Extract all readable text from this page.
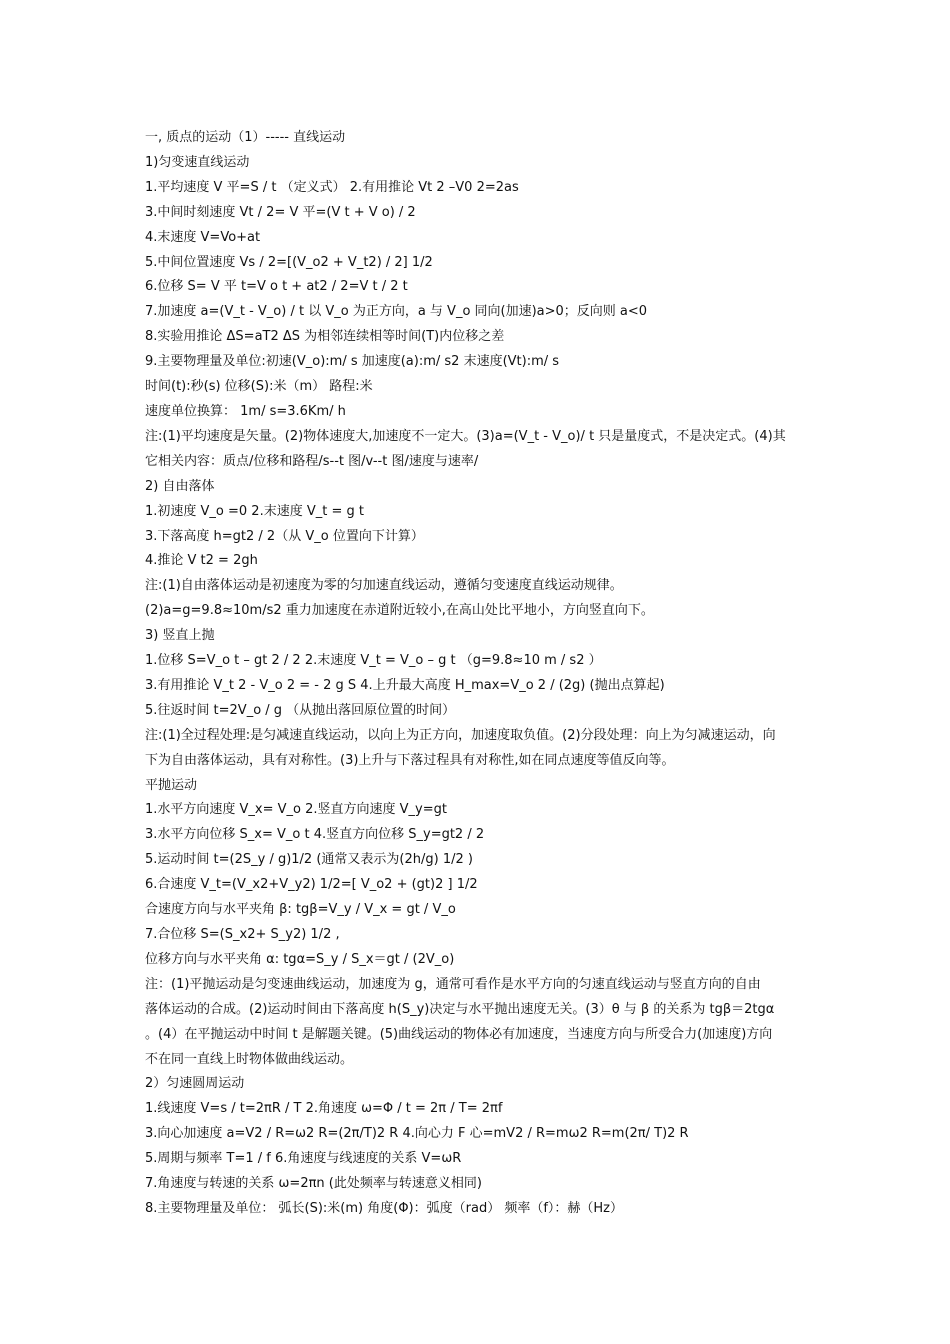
一, 质点的运动（1）----- 直线运动
1)匀变速直线运动
1.平均速度 V 平=S / t （定义式） 2.有用推论 Vt 2 –V0 2=2as
3.中间时刻速度 Vt / 2= V 平=(V t + V o) / 2
4.末速度 V=Vo+at
5.中间位置速度 Vs / 2=[(V_o2 + V_t2) / 2] 1/2
6.位移 S= V 平 t=V o t + at2 / 2=V t / 2 t
7.加速度 a=(V_t - V_o) / t 以 V_o 为正方向，a 与 V_o 同向(加速)a>0；反向则 a<0
8.实验用推论 ΔS=aT2 ΔS 为相邻连续相等时间(T)内位移之差
9.主要物理量及单位:初速(V_o):m/ s 加速度(a):m/ s2 末速度(Vt):m/ s
时间(t):秒(s) 位移(S):米（m） 路程:米
速度单位换算： 1m/ s=3.6Km/ h
注:(1)平均速度是矢量。(2)物体速度大,加速度不一定大。(3)a=(V_t - V_o)/ t 只是量度式，不是决定式。(4)其
它相关内容：质点/位移和路程/s--t 图/v--t 图/速度与速率/
2) 自由落体
1.初速度 V_o =0 2.末速度 V_t = g t
3.下落高度 h=gt2 / 2（从 V_o 位置向下计算）
4.推论 V t2 = 2gh
注:(1)自由落体运动是初速度为零的匀加速直线运动，遵循匀变速度直线运动规律。
(2)a=g=9.8≈10m/s2 重力加速度在赤道附近较小,在高山处比平地小，方向竖直向下。
3) 竖直上抛
1.位移 S=V_o t – gt 2 / 2 2.末速度 V_t = V_o – g t （g=9.8≈10 m / s2 ）
3.有用推论 V_t 2 - V_o 2 = - 2 g S 4.上升最大高度 H_max=V_o 2 / (2g) (抛出点算起)
5.往返时间 t=2V_o / g （从抛出落回原位置的时间）
注:(1)全过程处理:是匀减速直线运动，以向上为正方向，加速度取负值。(2)分段处理：向上为匀减速运动，向
下为自由落体运动，具有对称性。(3)上升与下落过程具有对称性,如在同点速度等值反向等。
平抛运动
1.水平方向速度 V_x= V_o 2.竖直方向速度 V_y=gt
3.水平方向位移 S_x= V_o t 4.竖直方向位移 S_y=gt2 / 2
5.运动时间 t=(2S_y / g)1/2 (通常又表示为(2h/g) 1/2 )
6.合速度 V_t=(V_x2+V_y2) 1/2=[ V_o2 + (gt)2 ] 1/2
合速度方向与水平夹角 β: tgβ=V_y / V_x = gt / V_o
7.合位移 S=(S_x2+ S_y2) 1/2 ,
位移方向与水平夹角 α: tgα=S_y / S_x＝gt / (2V_o)
注：(1)平抛运动是匀变速曲线运动，加速度为 g，通常可看作是水平方向的匀速直线运动与竖直方向的自由
落体运动的合成。(2)运动时间由下落高度 h(S_y)决定与水平抛出速度无关。(3）θ 与 β 的关系为 tgβ＝2tgα
。(4）在平抛运动中时间 t 是解题关键。(5)曲线运动的物体必有加速度，当速度方向与所受合力(加速度)方向
不在同一直线上时物体做曲线运动。
2）匀速圆周运动
1.线速度 V=s / t=2πR / T 2.角速度 ω=Φ / t = 2π / T= 2πf
3.向心加速度 a=V2 / R=ω2 R=(2π/T)2 R 4.向心力 F 心=mV2 / R=mω2 R=m(2π/ T)2 R
5.周期与频率 T=1 / f 6.角速度与线速度的关系 V=ωR
7.角速度与转速的关系 ω=2πn (此处频率与转速意义相同)
8.主要物理量及单位： 弧长(S):米(m) 角度(Φ)：弧度（rad） 频率（f）：赫（Hz）
